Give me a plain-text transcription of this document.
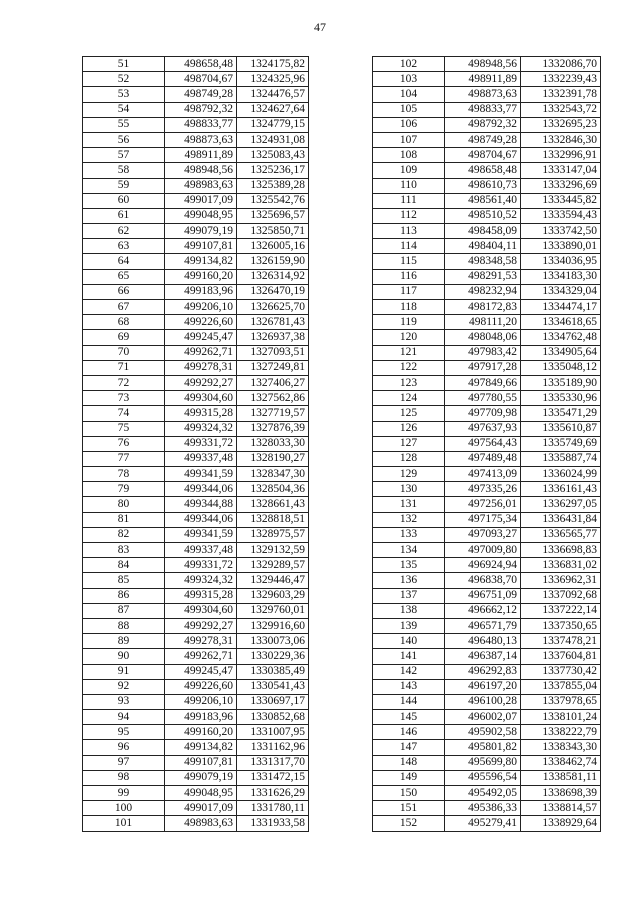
47
51	498658,48	1324175,82
52	498704,67	1324325,96
53	498749,28	1324476,57
54	498792,32	1324627,64
55	498833,77	1324779,15
56	498873,63	1324931,08
57	498911,89	1325083,43
58	498948,56	1325236,17
59	498983,63	1325389,28
60	499017,09	1325542,76
61	499048,95	1325696,57
62	499079,19	1325850,71
63	499107,81	1326005,16
64	499134,82	1326159,90
65	499160,20	1326314,92
66	499183,96	1326470,19
67	499206,10	1326625,70
68	499226,60	1326781,43
69	499245,47	1326937,38
70	499262,71	1327093,51
71	499278,31	1327249,81
72	499292,27	1327406,27
73	499304,60	1327562,86
74	499315,28	1327719,57
75	499324,32	1327876,39
76	499331,72	1328033,30
77	499337,48	1328190,27
78	499341,59	1328347,30
79	499344,06	1328504,36
80	499344,88	1328661,43
81	499344,06	1328818,51
82	499341,59	1328975,57
83	499337,48	1329132,59
84	499331,72	1329289,57
85	499324,32	1329446,47
86	499315,28	1329603,29
87	499304,60	1329760,01
88	499292,27	1329916,60
89	499278,31	1330073,06
90	499262,71	1330229,36
91	499245,47	1330385,49
92	499226,60	1330541,43
93	499206,10	1330697,17
94	499183,96	1330852,68
95	499160,20	1331007,95
96	499134,82	1331162,96
97	499107,81	1331317,70
98	499079,19	1331472,15
99	499048,95	1331626,29
100	499017,09	1331780,11
101	498983,63	1331933,58
102	498948,56	1332086,70
103	498911,89	1332239,43
104	498873,63	1332391,78
105	498833,77	1332543,72
106	498792,32	1332695,23
107	498749,28	1332846,30
108	498704,67	1332996,91
109	498658,48	1333147,04
110	498610,73	1333296,69
111	498561,40	1333445,82
112	498510,52	1333594,43
113	498458,09	1333742,50
114	498404,11	1333890,01
115	498348,58	1334036,95
116	498291,53	1334183,30
117	498232,94	1334329,04
118	498172,83	1334474,17
119	498111,20	1334618,65
120	498048,06	1334762,48
121	497983,42	1334905,64
122	497917,28	1335048,12
123	497849,66	1335189,90
124	497780,55	1335330,96
125	497709,98	1335471,29
126	497637,93	1335610,87
127	497564,43	1335749,69
128	497489,48	1335887,74
129	497413,09	1336024,99
130	497335,26	1336161,43
131	497256,01	1336297,05
132	497175,34	1336431,84
133	497093,27	1336565,77
134	497009,80	1336698,83
135	496924,94	1336831,02
136	496838,70	1336962,31
137	496751,09	1337092,68
138	496662,12	1337222,14
139	496571,79	1337350,65
140	496480,13	1337478,21
141	496387,14	1337604,81
142	496292,83	1337730,42
143	496197,20	1337855,04
144	496100,28	1337978,65
145	496002,07	1338101,24
146	495902,58	1338222,79
147	495801,82	1338343,30
148	495699,80	1338462,74
149	495596,54	1338581,11
150	495492,05	1338698,39
151	495386,33	1338814,57
152	495279,41	1338929,64
